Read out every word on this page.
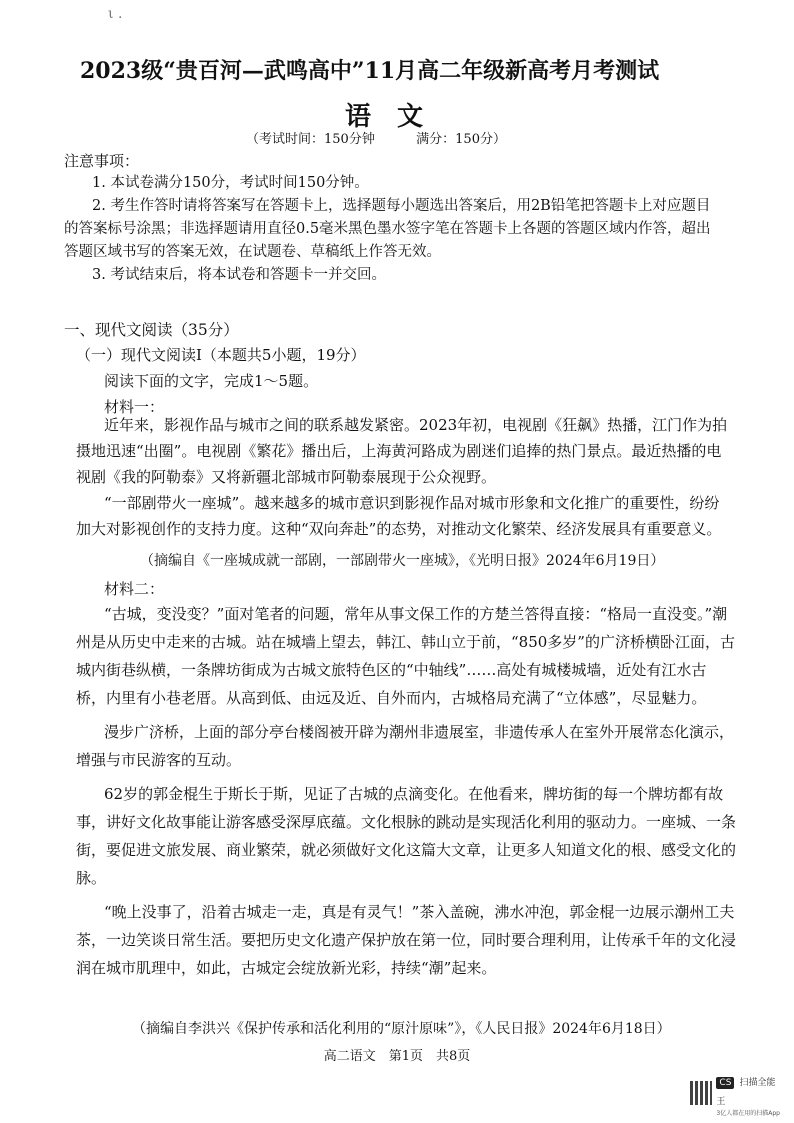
ι .
2023级“贵百河—武鸣高中”11月高二年级新高考月考测试
语文
（考试时间：150分钟	满分：150分）
注意事项：

1. 本试卷满分150分，考试时间150分钟。

2. 考生作答时请将答案写在答题卡上，选择题每小题选出答案后，用2B铅笔把答题卡上对应题目的答案标号涂黑；非选择题请用直径0.5毫米黑色墨水签字笔在答题卡上各题的答题区域内作答，超出答题区域书写的答案无效，在试题卷、草稿纸上作答无效。

3. 考试结束后，将本试卷和答题卡一并交回。

一、现代文阅读（35分）
（一）现代文阅读Ⅰ（本题共5小题，19分）
阅读下面的文字，完成1～5题。
材料一：

近年来，影视作品与城市之间的联系越发紧密。2023年初，电视剧《狂飙》热播，江门作为拍摄地迅速“出圈”。电视剧《繁花》播出后，上海黄河路成为剧迷们追捧的热门景点。最近热播的电视剧《我的阿勒泰》又将新疆北部城市阿勒泰展现于公众视野。

“一部剧带火一座城”。越来越多的城市意识到影视作品对城市形象和文化推广的重要性，纷纷加大对影视创作的支持力度。这种“双向奔赴”的态势，对推动文化繁荣、经济发展具有重要意义。

（摘编自《一座城成就一部剧，一部剧带火一座城》，《光明日报》2024年6月19日）
材料二：

“古城，变没变？”面对笔者的问题，常年从事文保工作的方楚兰答得直接：“格局一直没变。”潮州是从历史中走来的古城。站在城墙上望去，韩江、韩山立于前，“850多岁”的广济桥横卧江面，古城内街巷纵横，一条牌坊街成为古城文旅特色区的“中轴线”……高处有城楼城墙，近处有江水古桥，内里有小巷老厝。从高到低、由远及近、自外而内，古城格局充满了“立体感”，尽显魅力。

漫步广济桥，上面的部分亭台楼阁被开辟为潮州非遗展室，非遗传承人在室外开展常态化演示，增强与市民游客的互动。

62岁的郭金棍生于斯长于斯，见证了古城的点滴变化。在他看来，牌坊街的每一个牌坊都有故事，讲好文化故事能让游客感受深厚底蕴。文化根脉的跳动是实现活化利用的驱动力。一座城、一条街，要促进文旅发展、商业繁荣，就必须做好文化这篇大文章，让更多人知道文化的根、感受文化的脉。

“晚上没事了，沿着古城走一走，真是有灵气！”茶入盖碗，沸水冲泡，郭金棍一边展示潮州工夫茶，一边笑谈日常生活。要把历史文化遗产保护放在第一位，同时要合理利用，让传承千年的文化浸润在城市肌理中，如此，古城定会绽放新光彩，持续“潮”起来。

（摘编自李洪兴《保护传承和活化利用的“原汁原味”》，《人民日报》2024年6月18日）
高二语文　第1页　共8页
CS 扫描全能王
3亿人都在用的扫描App
